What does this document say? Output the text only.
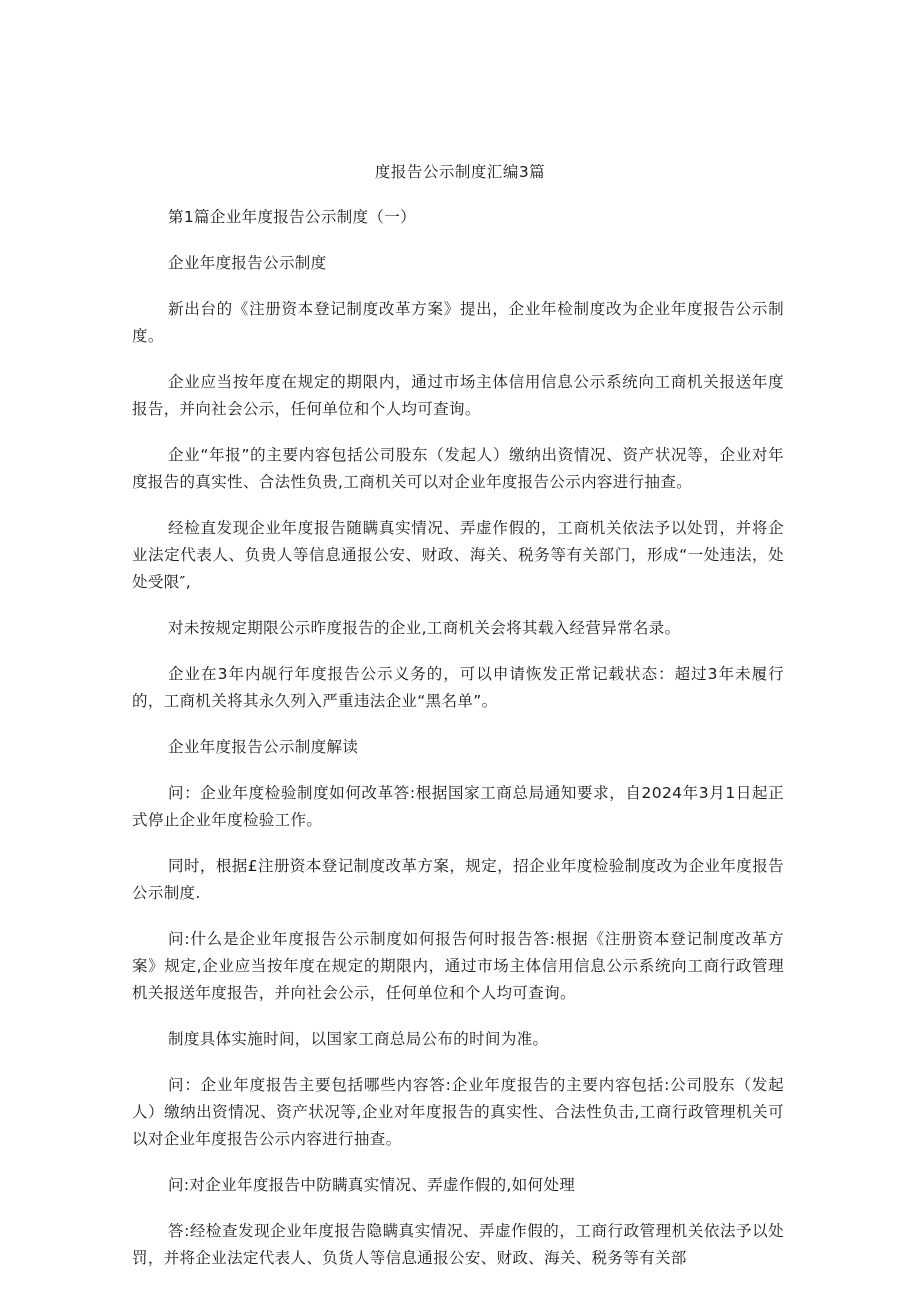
度报告公示制度汇编3篇

第1篇企业年度报告公示制度（一）

企业年度报告公示制度

新出台的《注册资本登记制度改革方案》提出，企业年检制度改为企业年度报告公示制度。

企业应当按年度在规定的期限内，通过市场主体信用信息公示系统向工商机关报送年度报告，并向社会公示，任何单位和个人均可查询。

企业“年报”的主要内容包括公司股东（发起人）缴纳出资情况、资产状况等，企业对年度报告的真实性、合法性负贵,工商机关可以对企业年度报告公示内容进行抽查。

经检直发现企业年度报告随瞒真实情况、弄虚作假的，工商机关依法予以处罚，并将企业法定代表人、负贵人等信息通报公安、财政、海关、税务等有关部门，形成“一处违法，处处受限″,

对未按规定期限公示昨度报告的企业,工商机关会将其载入经营异常名录。

企业在3年内觇行年度报告公示义务的，可以申请恢发正常记载状态：超过3年未履行的，工商机关将其永久列入严重违法企业“黑名单”。

企业年度报告公示制度解读

问：企业年度检验制度如何改革答:根据国家工商总局通知要求，自2024年3月1日起正式停止企业年度检验工作。

同时，根据£注册资本登记制度改革方案，规定，招企业年度检验制度改为企业年度报告公示制度.

问:什么是企业年度报告公示制度如何报告何时报告答:根据《注册资本登记制度改革方案》规定,企业应当按年度在规定的期限内，通过市场主体信用信息公示系统向工商行政管理机关报送年度报告，并向社会公示，任何单位和个人均可查询。

制度具体实施时间，以国家工商总局公布的时间为准。

问：企业年度报告主要包括哪些内容答:企业年度报告的主要内容包括:公司股东（发起人）缴纳出资情况、资产状况等,企业对年度报告的真实性、合法性负击,工商行政管理机关可以对企业年度报告公示内容进行抽查。

问:对企业年度报告中防瞒真实情况、弄虚作假的,如何处理

答:经检查发现企业年度报告隐瞒真实情况、弄虚作假的，工商行政管理机关依法予以处罚，并将企业法定代表人、负货人等信息通报公安、财政、海关、税务等有关部
